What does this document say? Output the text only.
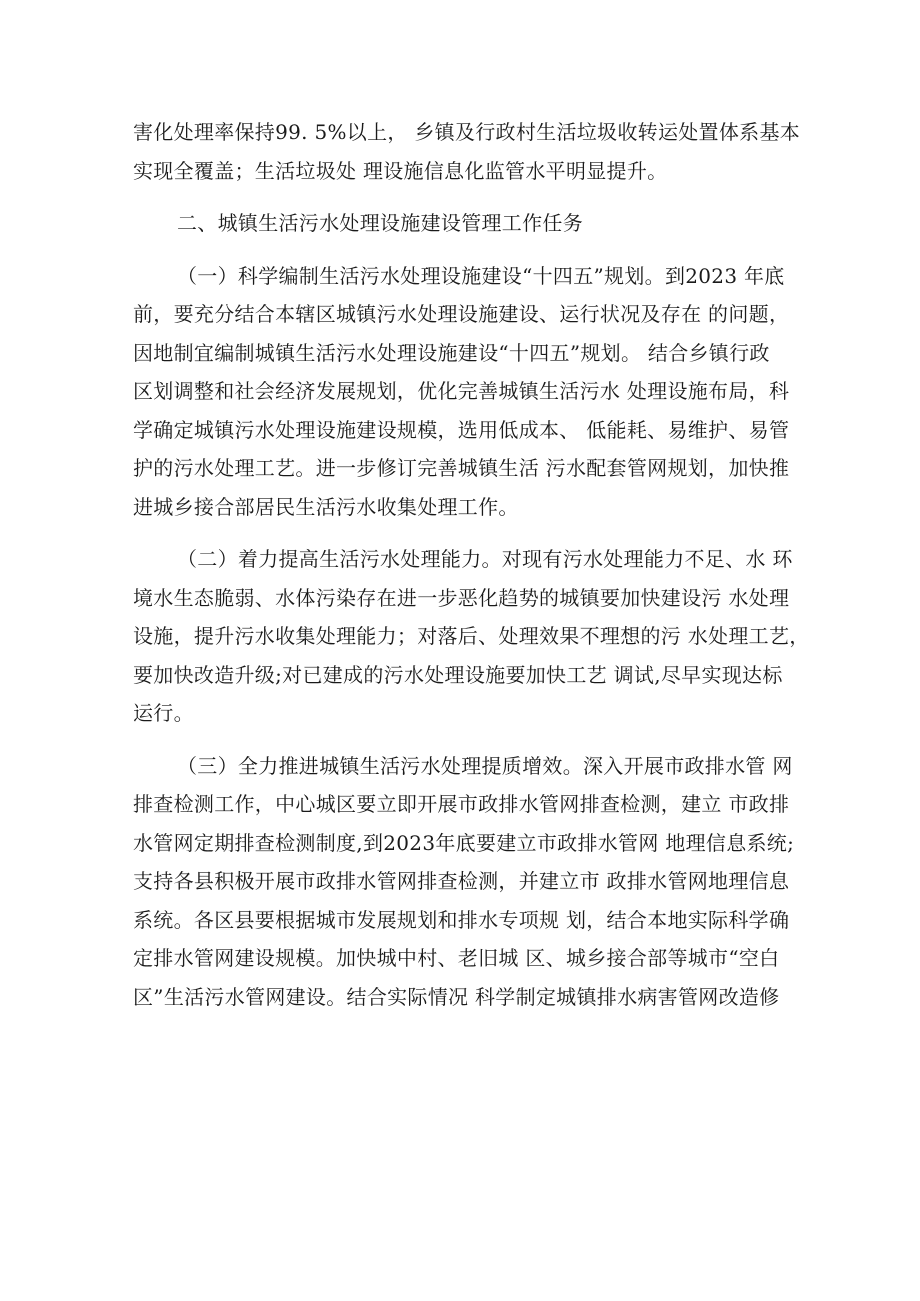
害化处理率保持99. 5%以上， 乡镇及行政村生活垃圾收转运处置体系基本
实现全覆盖；生活垃圾处 理设施信息化监管水平明显提升。
二、城镇生活污水处理设施建设管理工作任务
（一）科学编制生活污水处理设施建设“十四五”规划。到2023 年底
前，要充分结合本辖区城镇污水处理设施建设、运行状况及存在 的问题，
因地制宜编制城镇生活污水处理设施建设“十四五”规划。 结合乡镇行政
区划调整和社会经济发展规划，优化完善城镇生活污水 处理设施布局，科
学确定城镇污水处理设施建设规模，选用低成本、 低能耗、易维护、易管
护的污水处理工艺。进一步修订完善城镇生活 污水配套管网规划，加快推
进城乡接合部居民生活污水收集处理工作。
（二）着力提高生活污水处理能力。对现有污水处理能力不足、水 环
境水生态脆弱、水体污染存在进一步恶化趋势的城镇要加快建设污 水处理
设施，提升污水收集处理能力；对落后、处理效果不理想的污 水处理工艺，
要加快改造升级;对已建成的污水处理设施要加快工艺 调试,尽早实现达标
运行。
（三）全力推进城镇生活污水处理提质增效。深入开展市政排水管 网
排查检测工作，中心城区要立即开展市政排水管网排查检测，建立 市政排
水管网定期排查检测制度,到2023年底要建立市政排水管网 地理信息系统;
支持各县积极开展市政排水管网排查检测，并建立市 政排水管网地理信息
系统。各区县要根据城市发展规划和排水专项规 划，结合本地实际科学确
定排水管网建设规模。加快城中村、老旧城 区、城乡接合部等城市“空白
区”生活污水管网建设。结合实际情况 科学制定城镇排水病害管网改造修
